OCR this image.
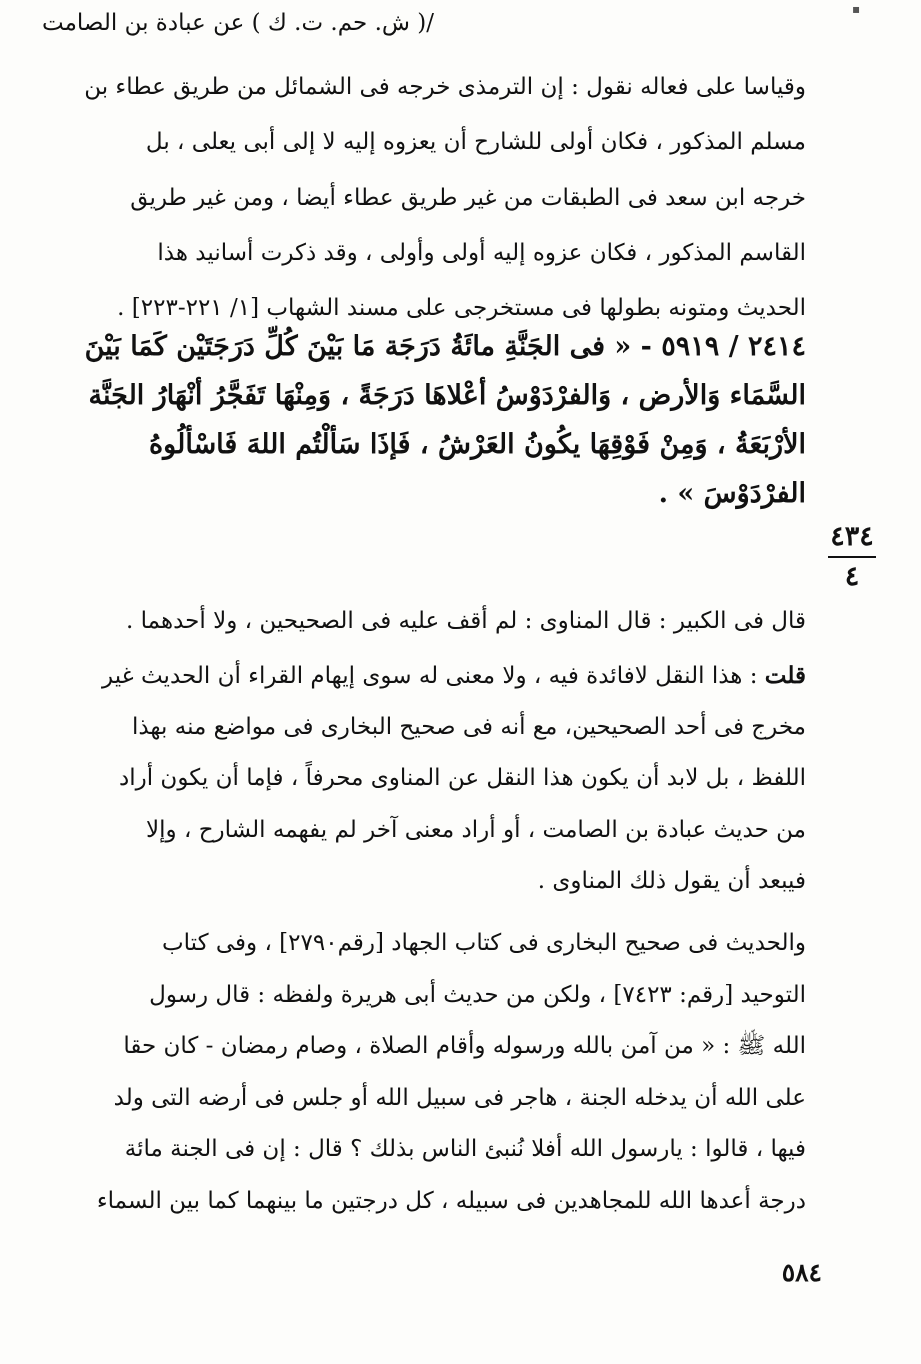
▪
وقياسا على فعاله نقول : إن الترمذى خرجه فى الشمائل من طريق عطاء بن
مسلم المذكور ، فكان أولى للشارح أن يعزوه إليه لا إلى أبى يعلى ، بل
خرجه ابن سعد فى الطبقات من غير طريق عطاء أيضا ، ومن غير طريق
القاسم المذكور ، فكان عزوه إليه أولى وأولى ، وقد ذكرت أسانيد هذا
الحديث ومتونه بطولها فى مستخرجى على مسند الشهاب [١/ ٢٢١-٢٢٣] .
٢٤١٤ / ٥٩١٩ - « فى الجَنَّةِ مائَةُ دَرَجَة مَا بَيْنَ كُلِّ دَرَجَتَيْن كَمَا بَيْنَ
السَّمَاء وَالأرض ، وَالفرْدَوْسُ أعْلاهَا دَرَجَةً ، وَمِنْهَا تَفَجَّرُ أنْهَارُ الجَنَّة
الأرْبَعَةُ ، وَمِنْ فَوْقِهَا يكُونُ العَرْشُ ، فَإذَا سَألْتُم اللهَ فَاسْألُوهُ
الفرْدَوْسَ » .
٤٣٤
٤
/( ش. حم. ت. ك ) عن عبادة بن الصامت
قال فى الكبير : قال المناوى : لم أقف عليه فى الصحيحين ، ولا أحدهما .
قلت : هذا النقل لافائدة فيه ، ولا معنى له سوى إيهام القراء أن الحديث غير
مخرج فى أحد الصحيحين، مع أنه فى صحيح البخارى فى مواضع منه بهذا
اللفظ ، بل لابد أن يكون هذا النقل عن المناوى محرفاً ، فإما أن يكون أراد
من حديث عبادة بن الصامت ، أو أراد معنى آخر لم يفهمه الشارح ، وإلا
فيبعد أن يقول ذلك المناوى .
والحديث فى صحيح البخارى فى كتاب الجهاد [رقم٢٧٩٠] ، وفى كتاب
التوحيد [رقم: ٧٤٢٣] ، ولكن من حديث أبى هريرة ولفظه : قال رسول
الله ﷺ : « من آمن بالله ورسوله وأقام الصلاة ، وصام رمضان - كان حقا
على الله أن يدخله الجنة ، هاجر فى سبيل الله أو جلس فى أرضه التى ولد
فيها ، قالوا : يارسول الله أفلا نُنبئ الناس بذلك ؟ قال : إن فى الجنة مائة
درجة أعدها الله للمجاهدين فى سبيله ، كل درجتين ما بينهما كما بين السماء
٥٨٤
